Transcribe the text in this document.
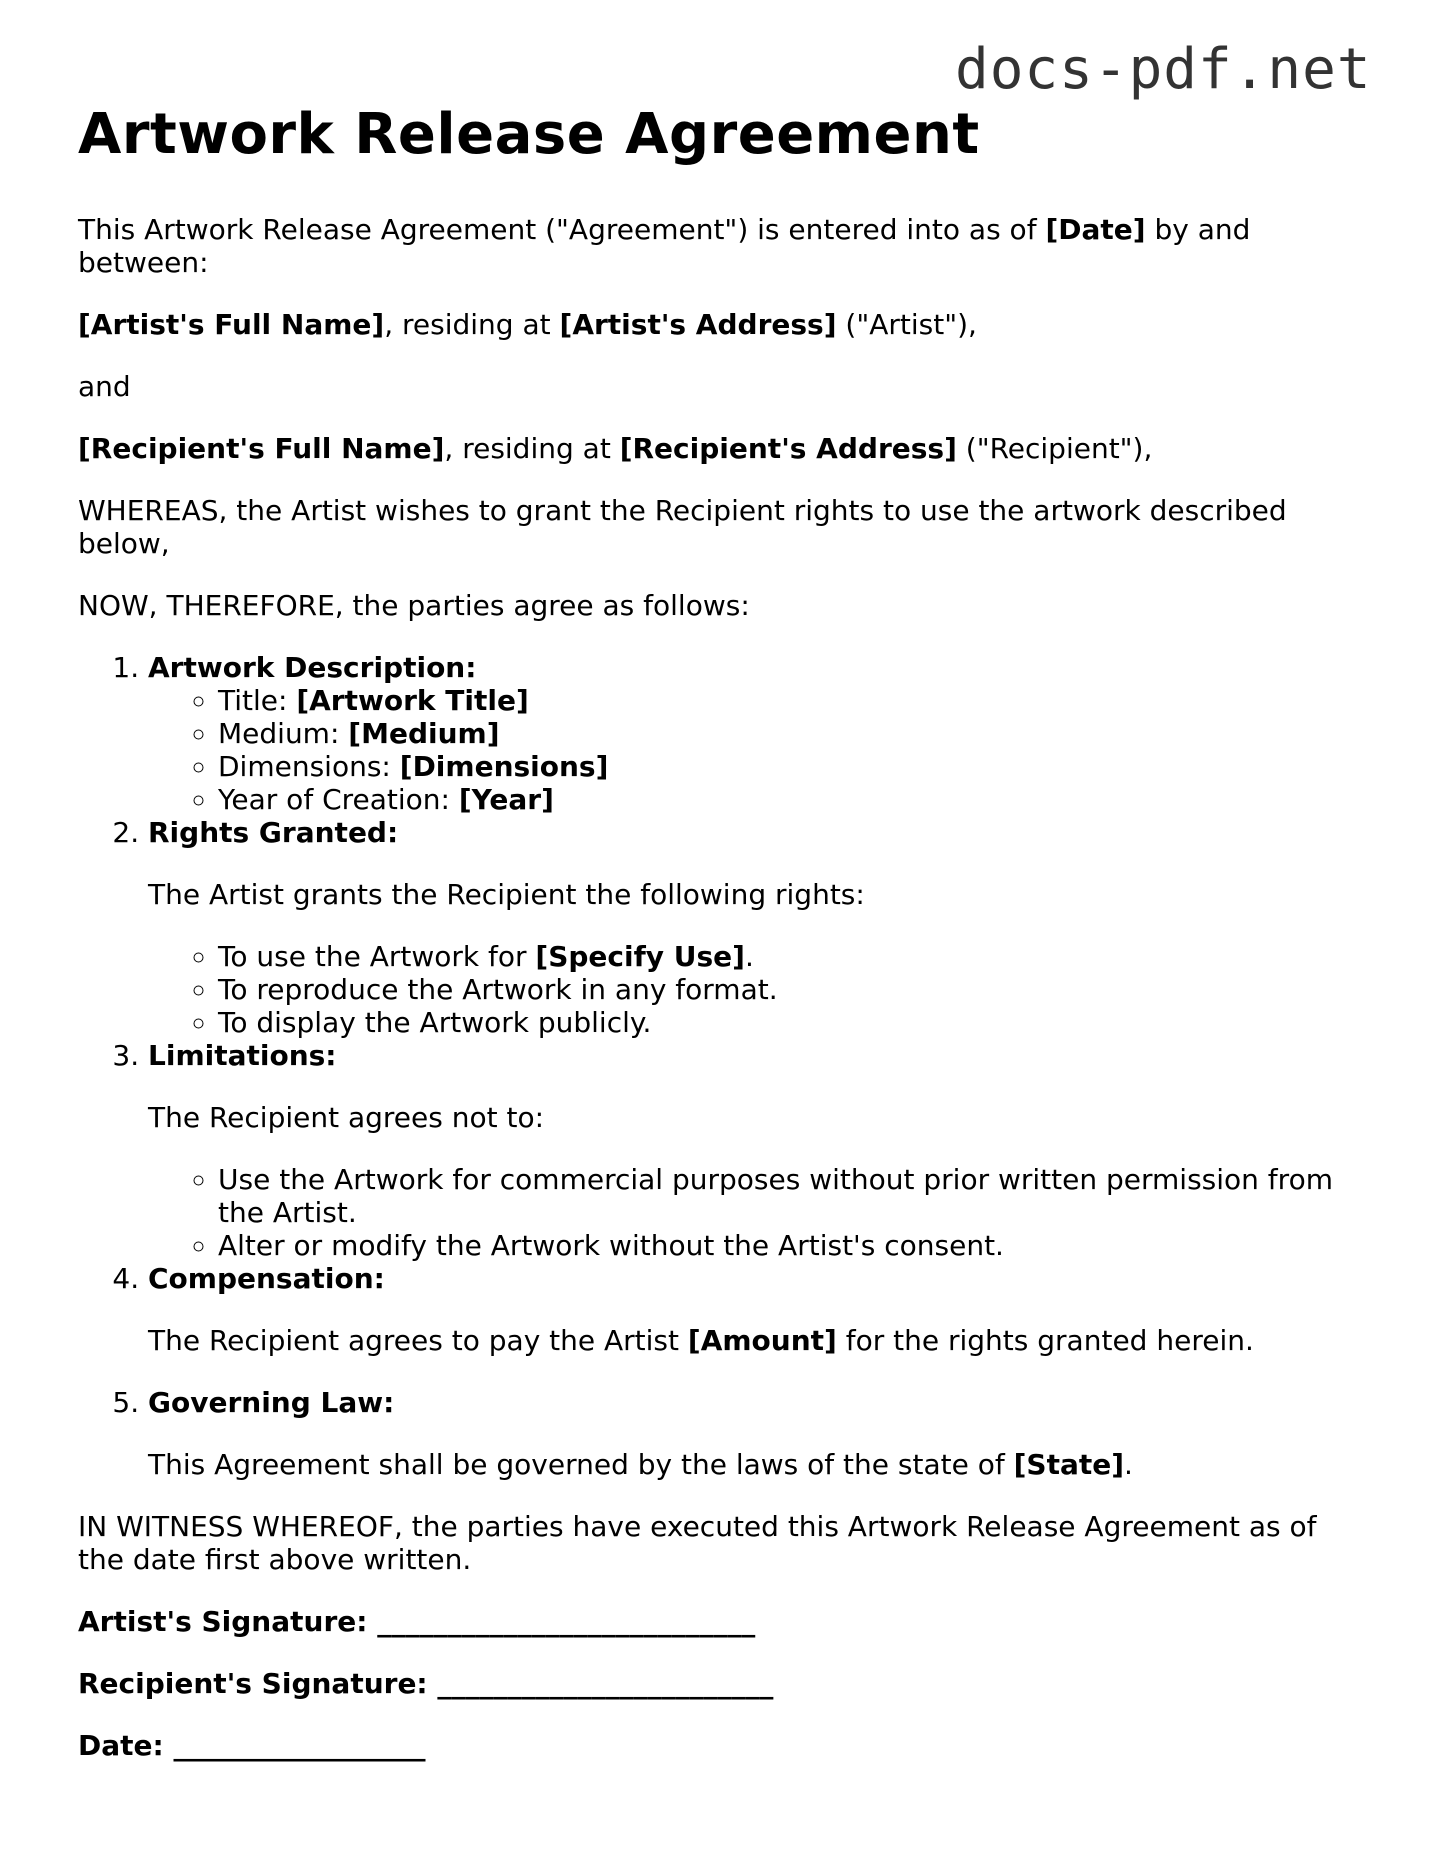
docs-pdf.net
Artwork Release Agreement

This Artwork Release Agreement ("Agreement") is entered into as of [Date] by and between:

[Artist's Full Name], residing at [Artist's Address] ("Artist"),

and

[Recipient's Full Name], residing at [Recipient's Address] ("Recipient"),

WHEREAS, the Artist wishes to grant the Recipient rights to use the artwork described below,

NOW, THEREFORE, the parties agree as follows:

1. Artwork Description:
◦ Title: [Artwork Title]
◦ Medium: [Medium]
◦ Dimensions: [Dimensions]
◦ Year of Creation: [Year]
2. Rights Granted:

The Artist grants the Recipient the following rights:

◦ To use the Artwork for [Specify Use].
◦ To reproduce the Artwork in any format.
◦ To display the Artwork publicly.
3. Limitations:

The Recipient agrees not to:

◦ Use the Artwork for commercial purposes without prior written permission from the Artist.
◦ Alter or modify the Artwork without the Artist's consent.
4. Compensation:

The Recipient agrees to pay the Artist [Amount] for the rights granted herein.

5. Governing Law:

This Agreement shall be governed by the laws of the state of [State].

IN WITNESS WHEREOF, the parties have executed this Artwork Release Agreement as of the date first above written.

Artist's Signature: ___________________________

Recipient's Signature: ________________________

Date: __________________
